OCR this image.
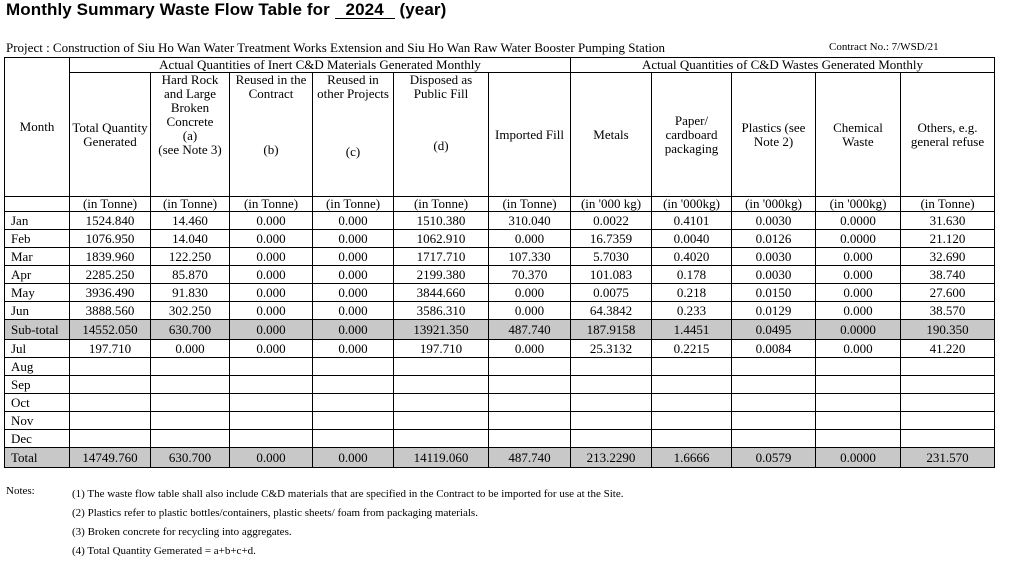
Monthly Summary Waste Flow Table for 2024 (year)
Project : Construction of Siu Ho Wan Water Treatment Works Extension and Siu Ho Wan Raw Water Booster Pumping Station	Contract No.: 7/WSD/21
Month	Actual Quantities of Inert C&D Materials Generated Monthly						Actual Quantities of C&D Wastes Generated Monthly				
	Total Quantity Generated	Hard Rock and Large Broken Concrete
(a)
(see Note 3)	Reused in the Contract
(b)	Reused in other Projects
(c)	Disposed as Public Fill
(d)	Imported Fill	Metals	Paper/ cardboard packaging	Plastics (see Note 2)	Chemical Waste	Others, e.g. general refuse
	(in Tonne)	(in Tonne)	(in Tonne)	(in Tonne)	(in Tonne)	(in Tonne)	(in '000 kg)	(in '000kg)	(in '000kg)	(in '000kg)	(in Tonne)
Jan	1524.840	14.460	0.000	0.000	1510.380	310.040	0.0022	0.4101	0.0030	0.0000	31.630
Feb	1076.950	14.040	0.000	0.000	1062.910	0.000	16.7359	0.0040	0.0126	0.0000	21.120
Mar	1839.960	122.250	0.000	0.000	1717.710	107.330	5.7030	0.4020	0.0030	0.000	32.690
Apr	2285.250	85.870	0.000	0.000	2199.380	70.370	101.083	0.178	0.0030	0.000	38.740
May	3936.490	91.830	0.000	0.000	3844.660	0.000	0.0075	0.218	0.0150	0.000	27.600
Jun	3888.560	302.250	0.000	0.000	3586.310	0.000	64.3842	0.233	0.0129	0.000	38.570
Sub-total	14552.050	630.700	0.000	0.000	13921.350	487.740	187.9158	1.4451	0.0495	0.0000	190.350
Jul	197.710	0.000	0.000	0.000	197.710	0.000	25.3132	0.2215	0.0084	0.000	41.220
Aug											
Sep											
Oct											
Nov											
Dec											
Total	14749.760	630.700	0.000	0.000	14119.060	487.740	213.2290	1.6666	0.0579	0.0000	231.570
Notes:	(1) The waste flow table shall also include C&D materials that are specified in the Contract to be imported for use at the Site.
(2) Plastics refer to plastic bottles/containers, plastic sheets/ foam from packaging materials.
(3) Broken concrete for recycling into aggregates.
(4) Total Quantity Gemerated = a+b+c+d.
